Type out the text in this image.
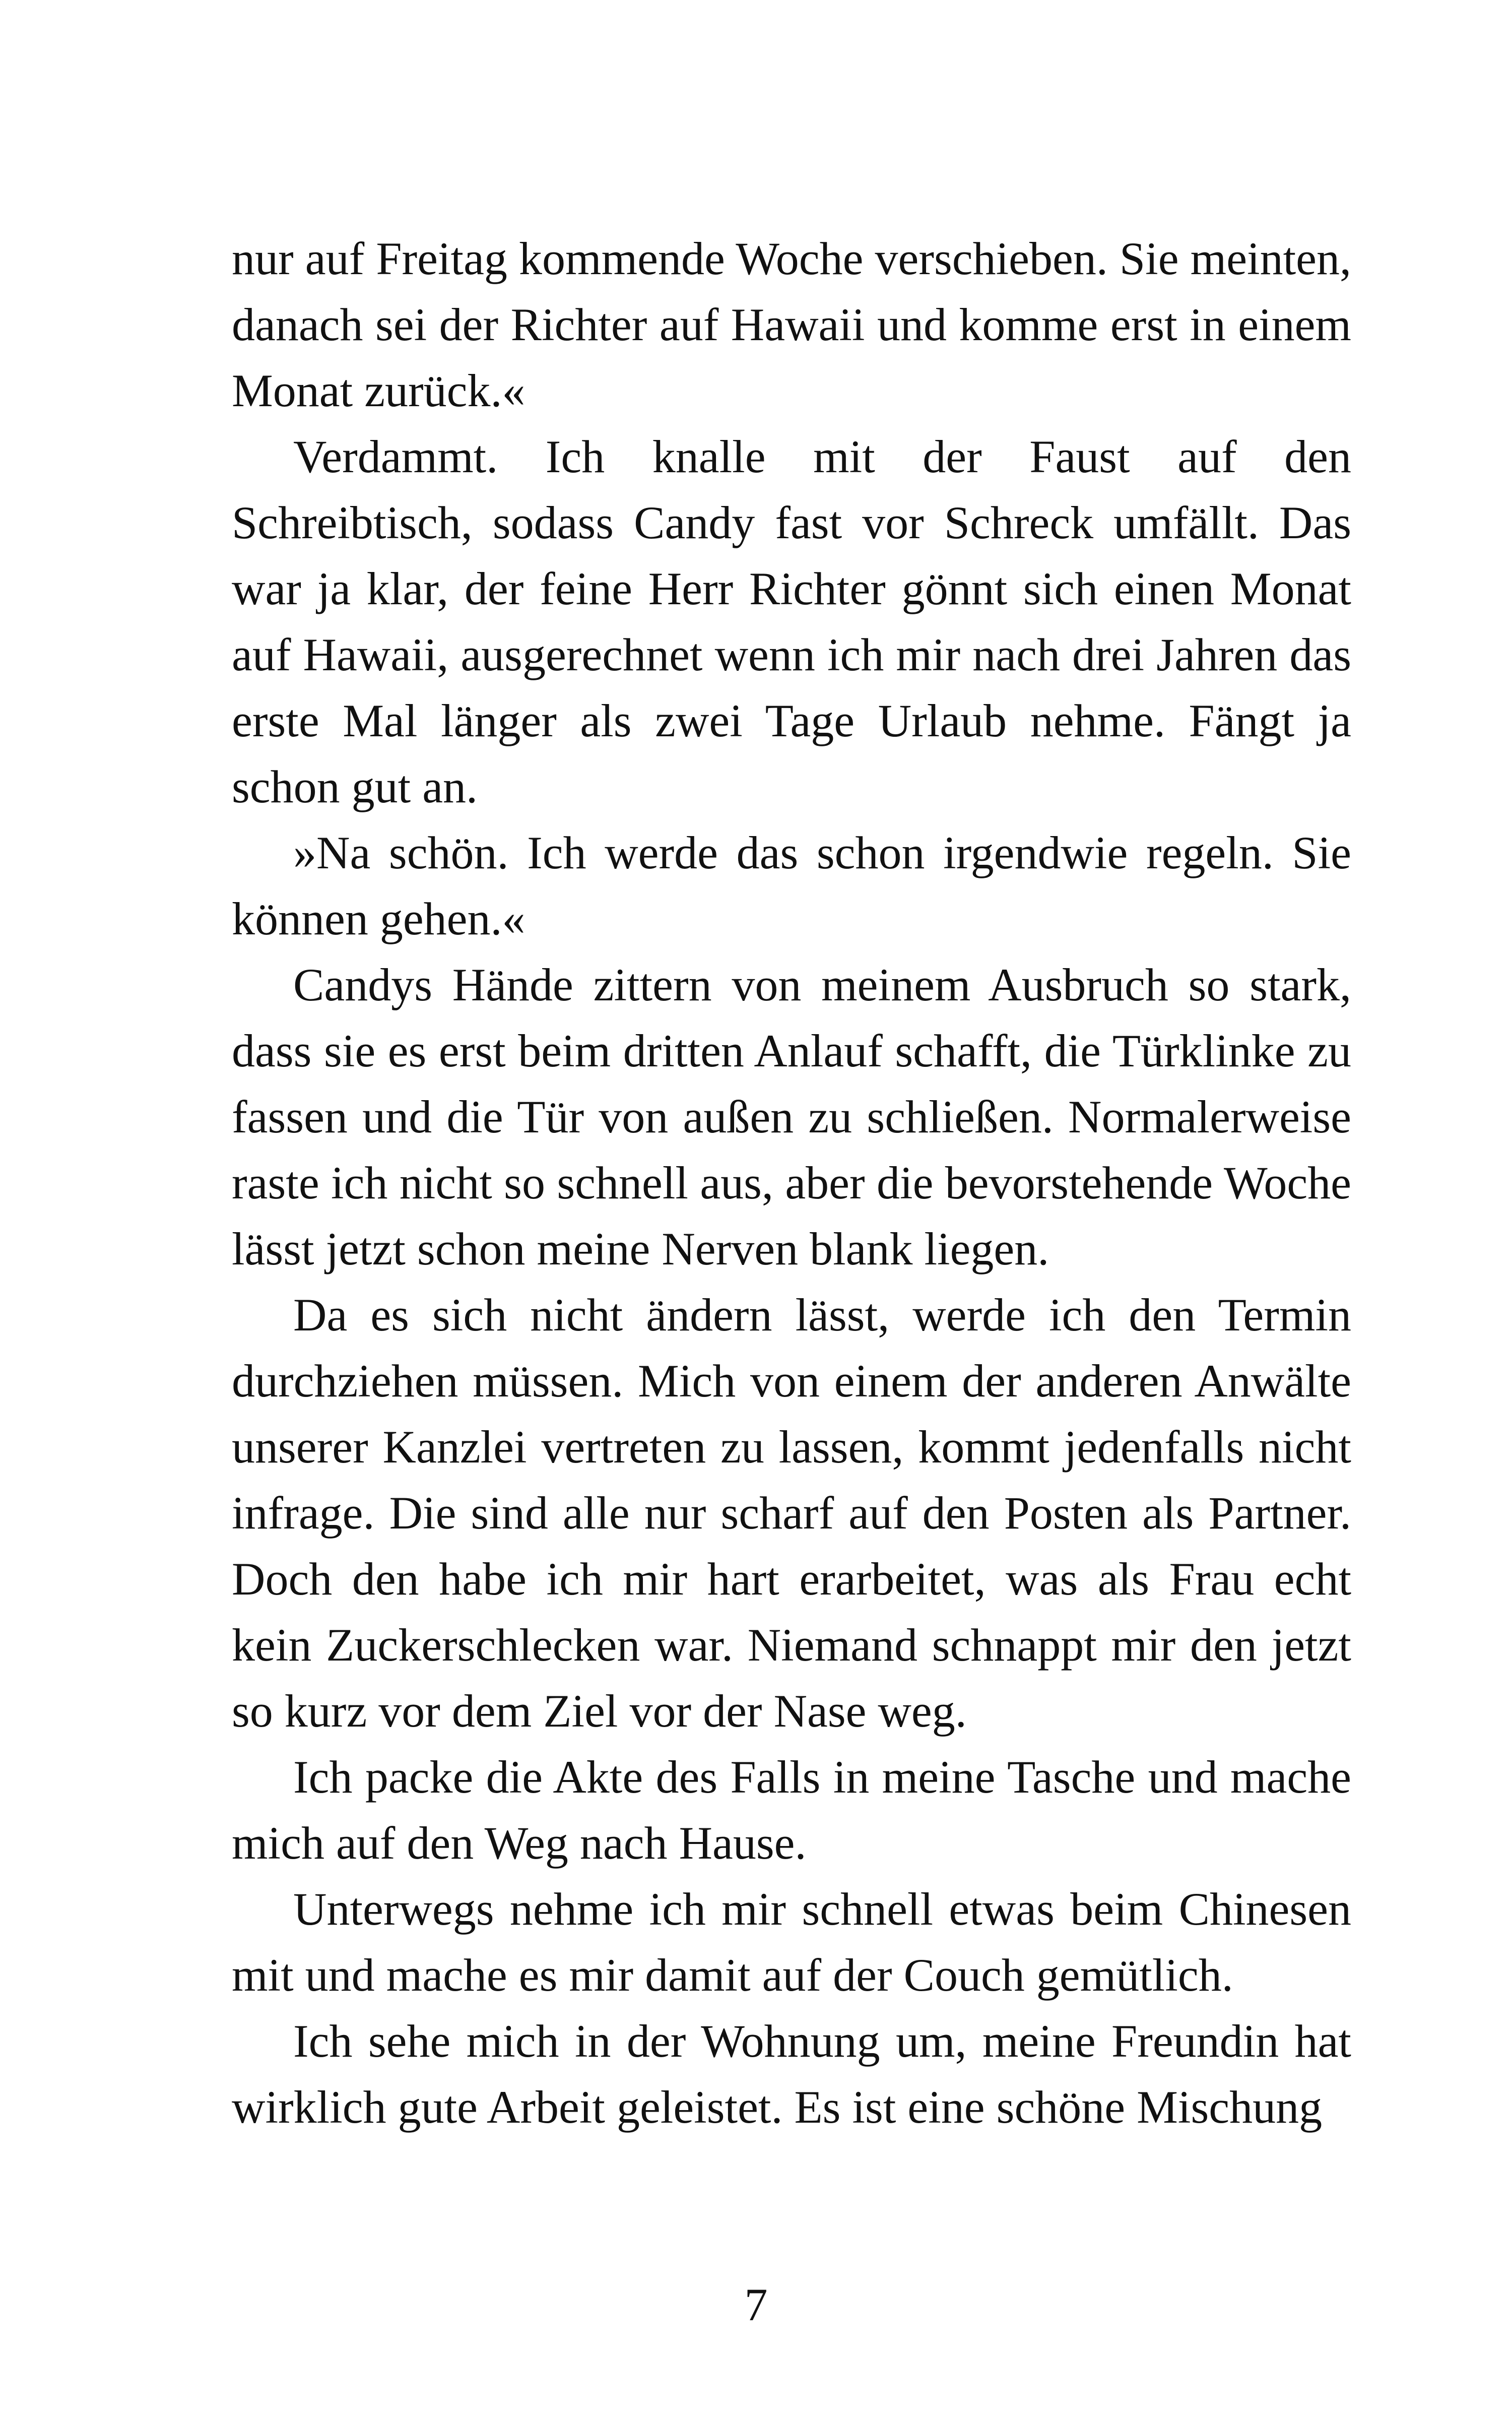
nur auf Freitag kommende Woche verschieben. Sie meinten, danach sei der Richter auf Hawaii und komme erst in einem Monat zurück.«

Verdammt. Ich knalle mit der Faust auf den Schreibtisch, sodass Candy fast vor Schreck umfällt. Das war ja klar, der feine Herr Richter gönnt sich einen Monat auf Hawaii, ausgerechnet wenn ich mir nach drei Jahren das erste Mal länger als zwei Tage Urlaub nehme. Fängt ja schon gut an.

»Na schön. Ich werde das schon irgendwie regeln. Sie können gehen.«

Candys Hände zittern von meinem Ausbruch so stark, dass sie es erst beim dritten Anlauf schafft, die Türklinke zu fassen und die Tür von außen zu schließen. Normalerweise raste ich nicht so schnell aus, aber die bevorstehende Woche lässt jetzt schon meine Nerven blank liegen.

Da es sich nicht ändern lässt, werde ich den Termin durchziehen müssen. Mich von einem der anderen Anwälte unserer Kanzlei vertreten zu lassen, kommt jedenfalls nicht infrage. Die sind alle nur scharf auf den Posten als Partner. Doch den habe ich mir hart erarbeitet, was als Frau echt kein Zuckerschlecken war. Niemand schnappt mir den jetzt so kurz vor dem Ziel vor der Nase weg.

Ich packe die Akte des Falls in meine Tasche und mache mich auf den Weg nach Hause.

Unterwegs nehme ich mir schnell etwas beim Chinesen mit und mache es mir damit auf der Couch gemütlich.

Ich sehe mich in der Wohnung um, meine Freundin hat wirklich gute Arbeit geleistet. Es ist eine schöne Mischung

7
